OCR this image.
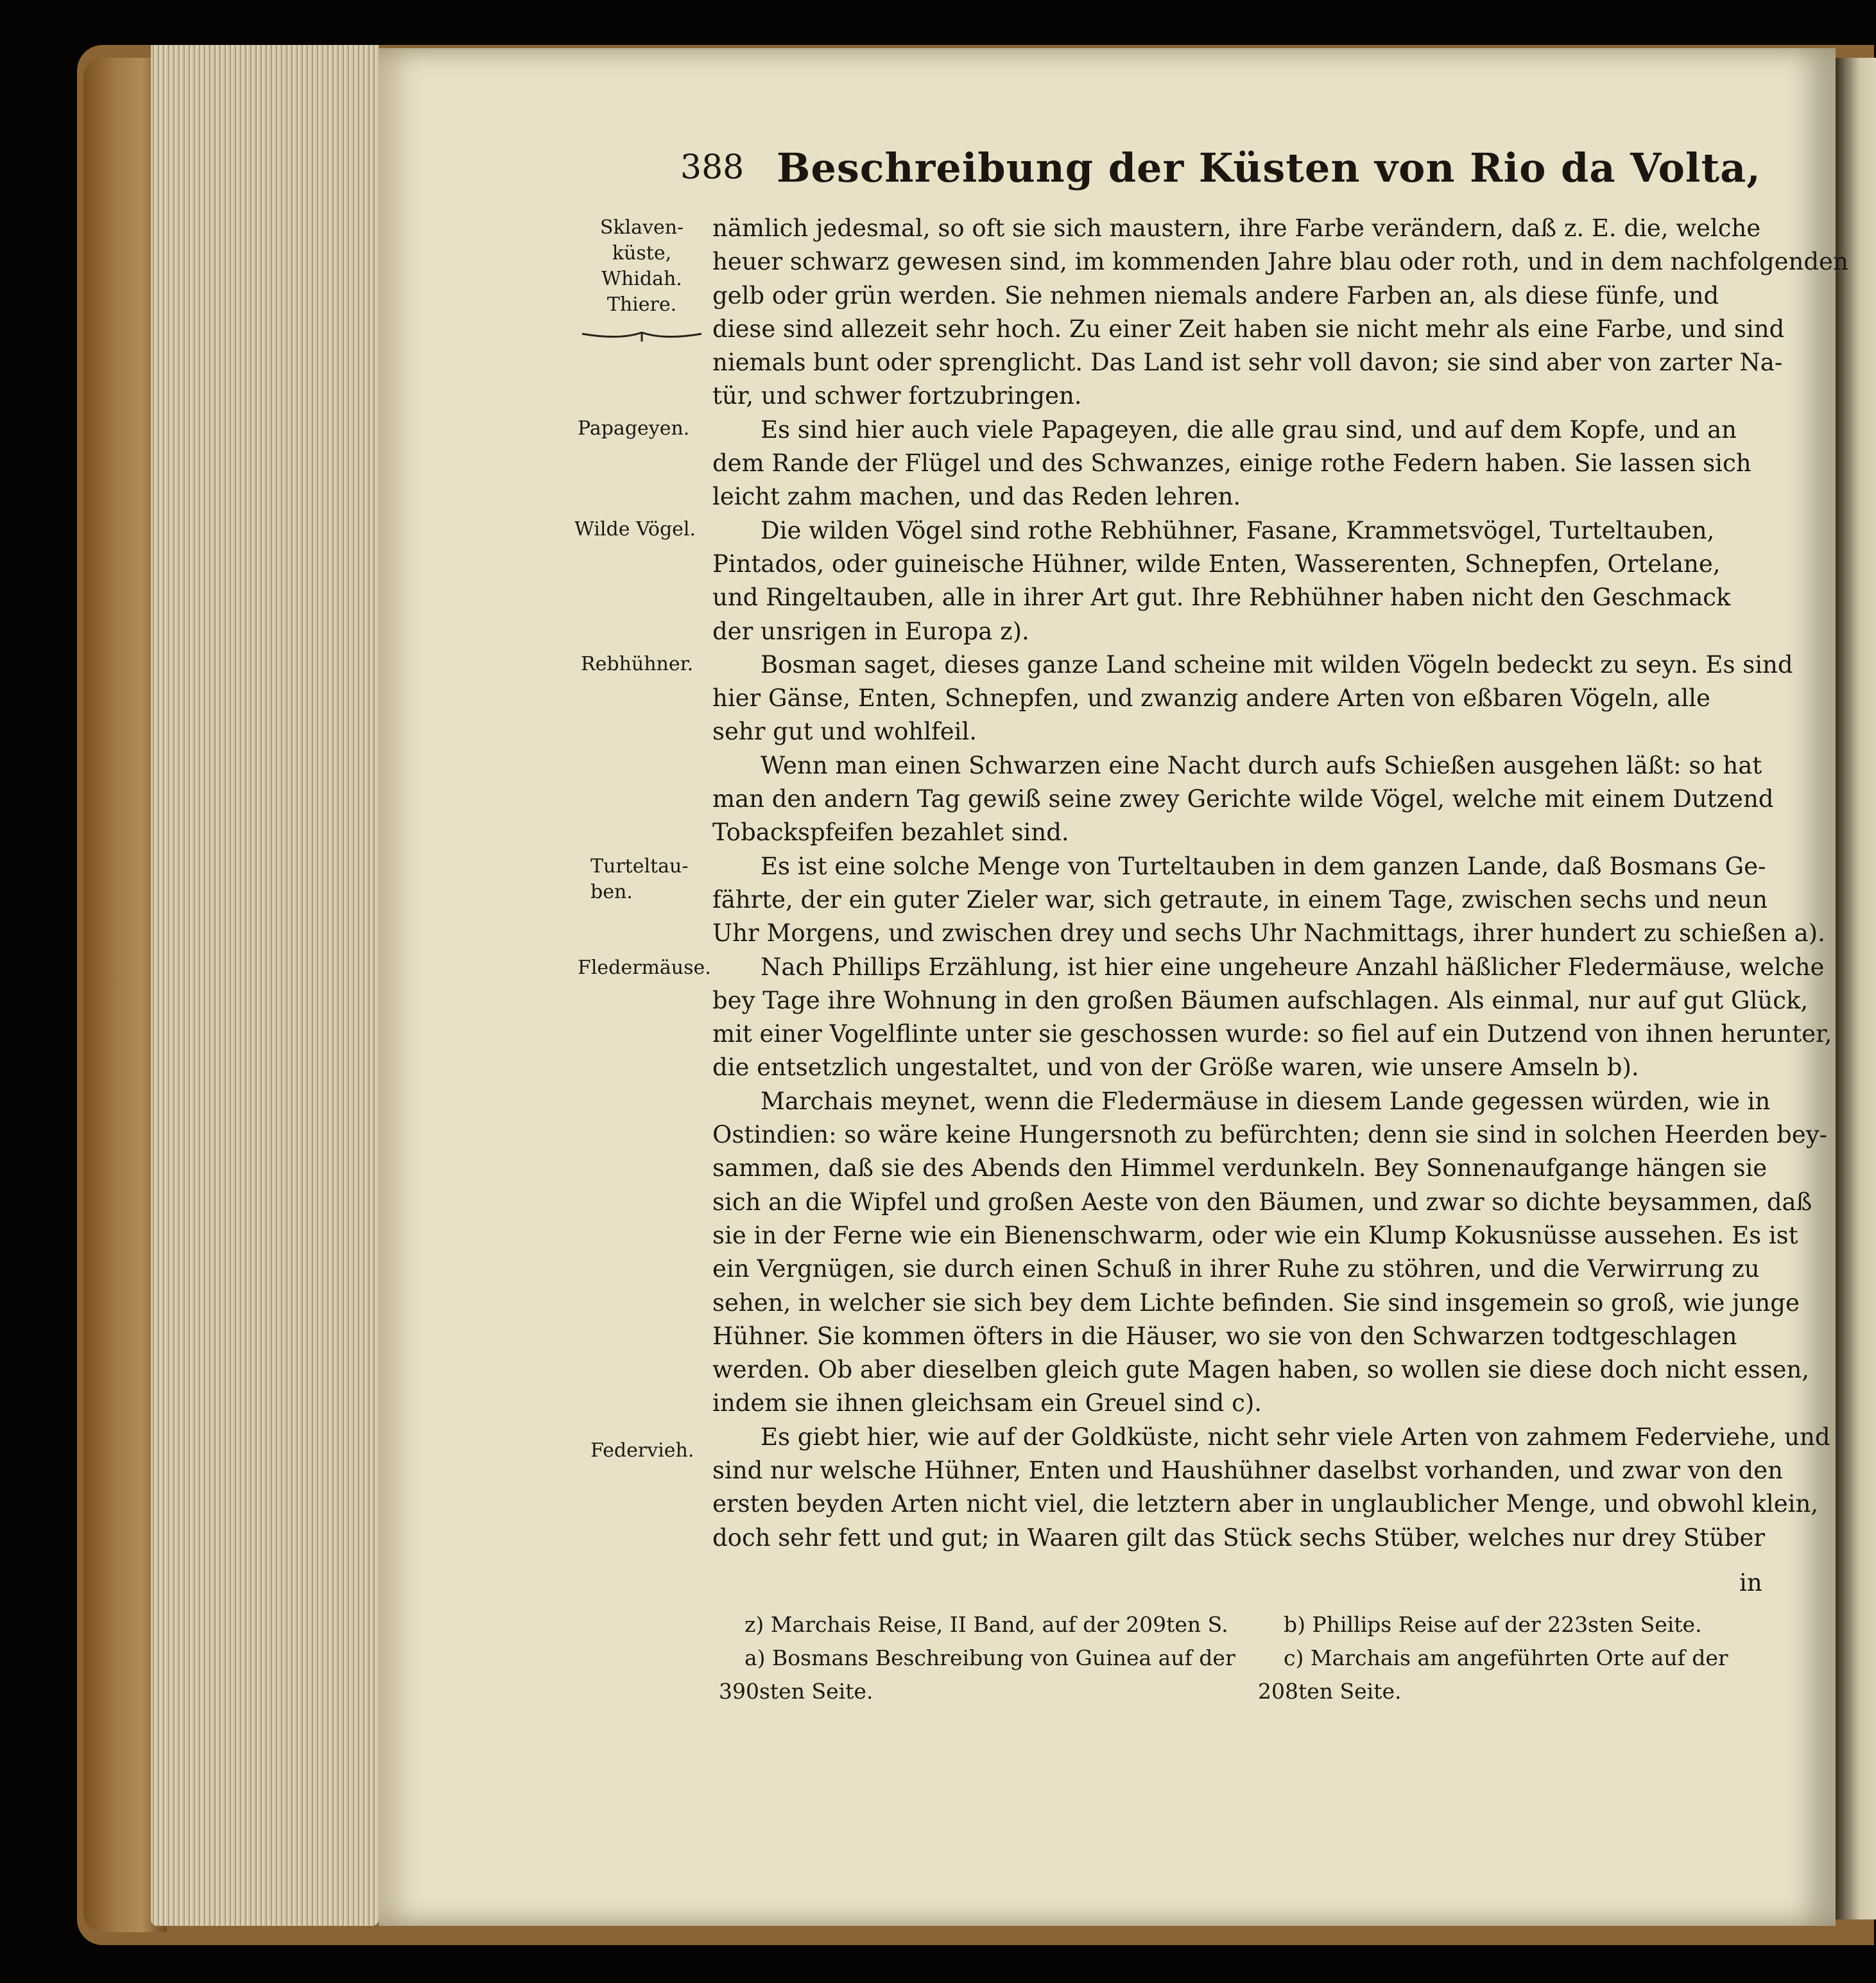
388 Beschreibung der Küsten von Rio da Volta,
Sklaven-
küste,
Whidah.
Thiere.
Papageyen.
Wilde Vögel.
Rebhühner.
Turteltau-
ben.
Fledermäuse.
Federvieh.
nämlich jedesmal, so oft sie sich maustern, ihre Farbe verändern, daß z. E. die, welche
heuer schwarz gewesen sind, im kommenden Jahre blau oder roth, und in dem nachfolgenden
gelb oder grün werden. Sie nehmen niemals andere Farben an, als diese fünfe, und
diese sind allezeit sehr hoch. Zu einer Zeit haben sie nicht mehr als eine Farbe, und sind
niemals bunt oder sprenglicht. Das Land ist sehr voll davon; sie sind aber von zarter Na-
tür, und schwer fortzubringen.
Es sind hier auch viele Papageyen, die alle grau sind, und auf dem Kopfe, und an
dem Rande der Flügel und des Schwanzes, einige rothe Federn haben. Sie lassen sich
leicht zahm machen, und das Reden lehren.
Die wilden Vögel sind rothe Rebhühner, Fasane, Krammetsvögel, Turteltauben,
Pintados, oder guineische Hühner, wilde Enten, Wasserenten, Schnepfen, Ortelane,
und Ringeltauben, alle in ihrer Art gut. Ihre Rebhühner haben nicht den Geschmack
der unsrigen in Europa z).
Bosman saget, dieses ganze Land scheine mit wilden Vögeln bedeckt zu seyn. Es sind
hier Gänse, Enten, Schnepfen, und zwanzig andere Arten von eßbaren Vögeln, alle
sehr gut und wohlfeil.
Wenn man einen Schwarzen eine Nacht durch aufs Schießen ausgehen läßt: so hat
man den andern Tag gewiß seine zwey Gerichte wilde Vögel, welche mit einem Dutzend
Tobackspfeifen bezahlet sind.
Es ist eine solche Menge von Turteltauben in dem ganzen Lande, daß Bosmans Ge-
fährte, der ein guter Zieler war, sich getraute, in einem Tage, zwischen sechs und neun
Uhr Morgens, und zwischen drey und sechs Uhr Nachmittags, ihrer hundert zu schießen a).
Nach Phillips Erzählung, ist hier eine ungeheure Anzahl häßlicher Fledermäuse, welche
bey Tage ihre Wohnung in den großen Bäumen aufschlagen. Als einmal, nur auf gut Glück,
mit einer Vogelflinte unter sie geschossen wurde: so fiel auf ein Dutzend von ihnen herunter,
die entsetzlich ungestaltet, und von der Größe waren, wie unsere Amseln b).
Marchais meynet, wenn die Fledermäuse in diesem Lande gegessen würden, wie in
Ostindien: so wäre keine Hungersnoth zu befürchten; denn sie sind in solchen Heerden bey-
sammen, daß sie des Abends den Himmel verdunkeln. Bey Sonnenaufgange hängen sie
sich an die Wipfel und großen Aeste von den Bäumen, und zwar so dichte beysammen, daß
sie in der Ferne wie ein Bienenschwarm, oder wie ein Klump Kokusnüsse aussehen. Es ist
ein Vergnügen, sie durch einen Schuß in ihrer Ruhe zu stöhren, und die Verwirrung zu
sehen, in welcher sie sich bey dem Lichte befinden. Sie sind insgemein so groß, wie junge
Hühner. Sie kommen öfters in die Häuser, wo sie von den Schwarzen todtgeschlagen
werden. Ob aber dieselben gleich gute Magen haben, so wollen sie diese doch nicht essen,
indem sie ihnen gleichsam ein Greuel sind c).
Es giebt hier, wie auf der Goldküste, nicht sehr viele Arten von zahmem Federviehe, und
sind nur welsche Hühner, Enten und Haushühner daselbst vorhanden, und zwar von den
ersten beyden Arten nicht viel, die letztern aber in unglaublicher Menge, und obwohl klein,
doch sehr fett und gut; in Waaren gilt das Stück sechs Stüber, welches nur drey Stüber
in
z) Marchais Reise, II Band, auf der 209ten S.
a) Bosmans Beschreibung von Guinea auf der
390sten Seite.
b) Phillips Reise auf der 223sten Seite.
c) Marchais am angeführten Orte auf der
208ten Seite.
